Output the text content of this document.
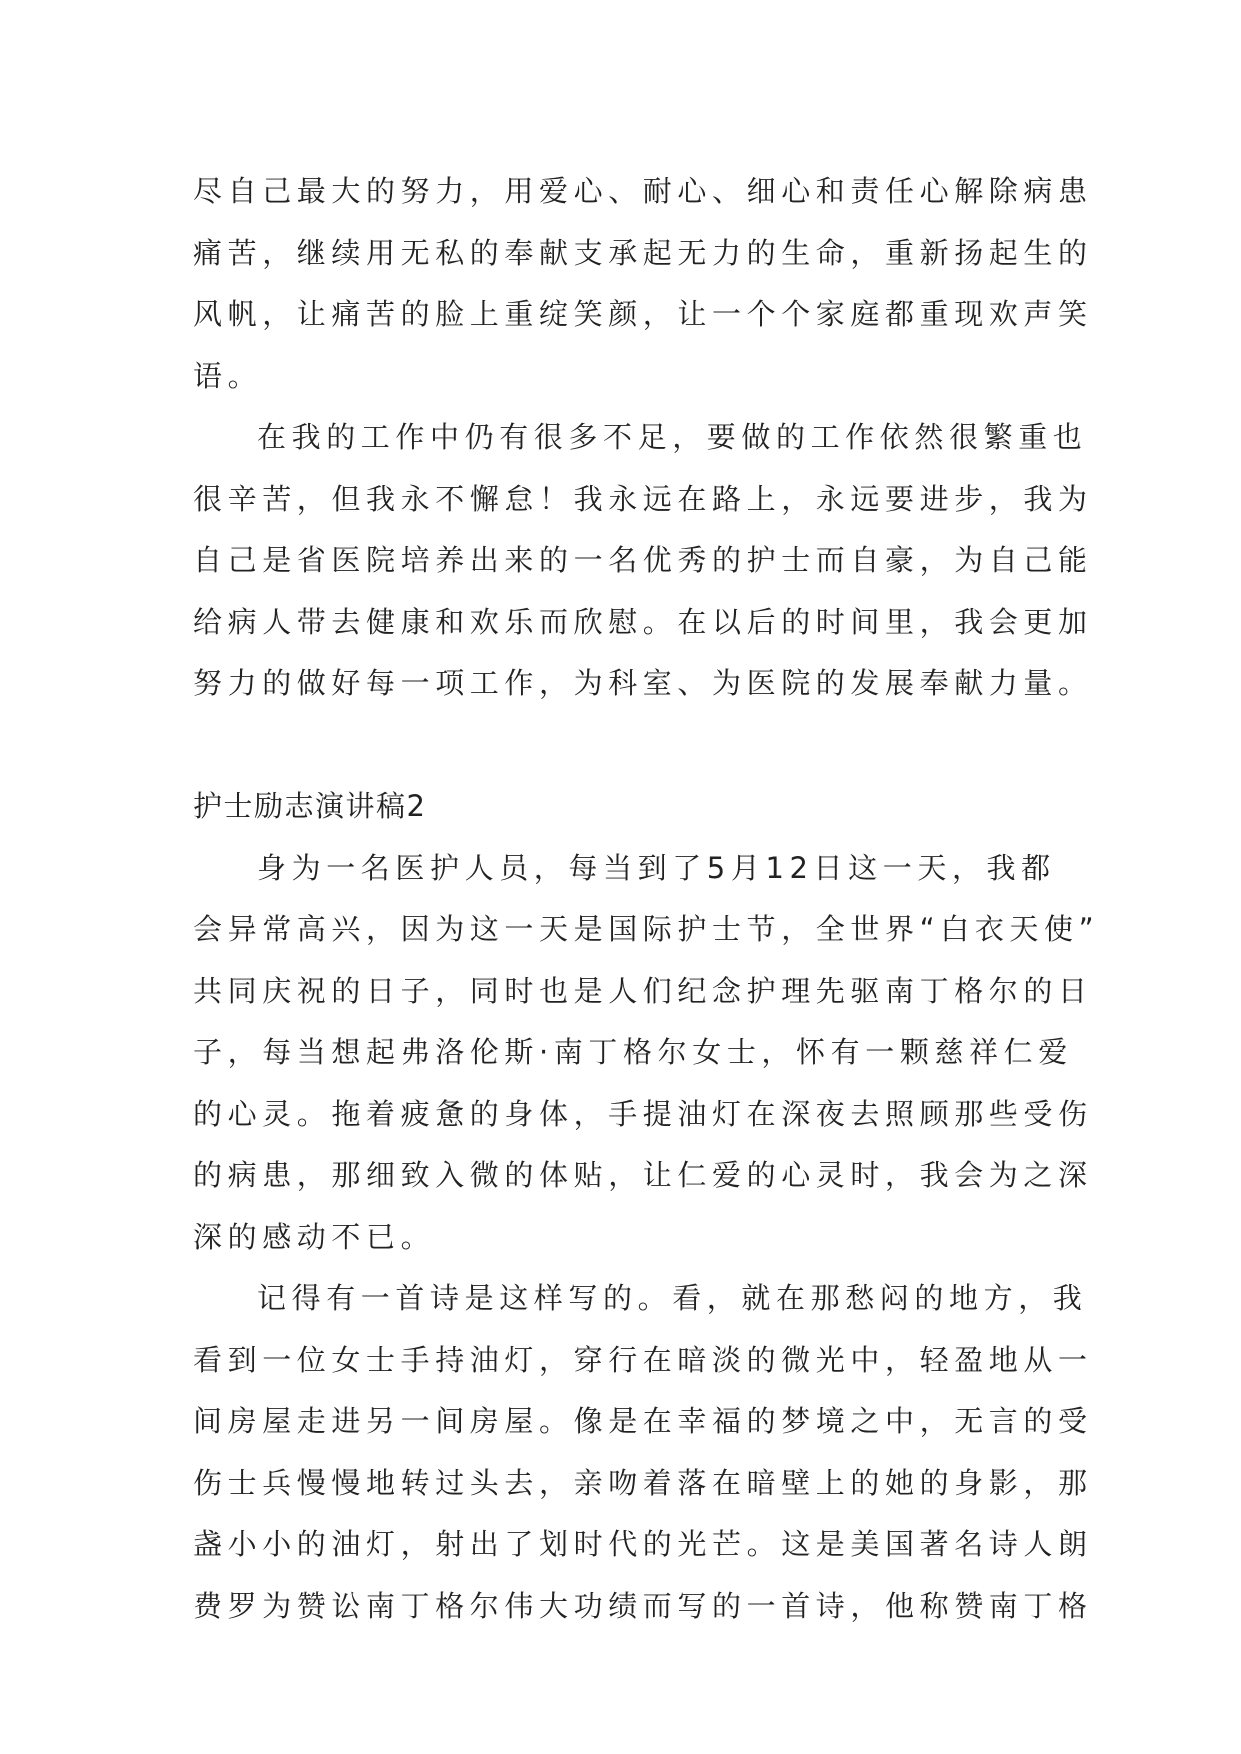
尽自己最大的努力，用爱心、耐心、细心和责任心解除病患
痛苦，继续用无私的奉献支承起无力的生命，重新扬起生的
风帆，让痛苦的脸上重绽笑颜，让一个个家庭都重现欢声笑
语。
在我的工作中仍有很多不足，要做的工作依然很繁重也
很辛苦，但我永不懈怠！我永远在路上，永远要进步，我为
自己是省医院培养出来的一名优秀的护士而自豪，为自己能
给病人带去健康和欢乐而欣慰。在以后的时间里，我会更加
努力的做好每一项工作，为科室、为医院的发展奉献力量。
护士励志演讲稿2
身为一名医护人员，每当到了5月12日这一天，我都
会异常高兴，因为这一天是国际护士节，全世界“白衣天使”
共同庆祝的日子，同时也是人们纪念护理先驱南丁格尔的日
子，每当想起弗洛伦斯·南丁格尔女士，怀有一颗慈祥仁爱
的心灵。拖着疲惫的身体，手提油灯在深夜去照顾那些受伤
的病患，那细致入微的体贴，让仁爱的心灵时，我会为之深
深的感动不已。
记得有一首诗是这样写的。看，就在那愁闷的地方，我
看到一位女士手持油灯，穿行在暗淡的微光中，轻盈地从一
间房屋走进另一间房屋。像是在幸福的梦境之中，无言的受
伤士兵慢慢地转过头去，亲吻着落在暗壁上的她的身影，那
盏小小的油灯，射出了划时代的光芒。这是美国著名诗人朗
费罗为赞讼南丁格尔伟大功绩而写的一首诗，他称赞南丁格
